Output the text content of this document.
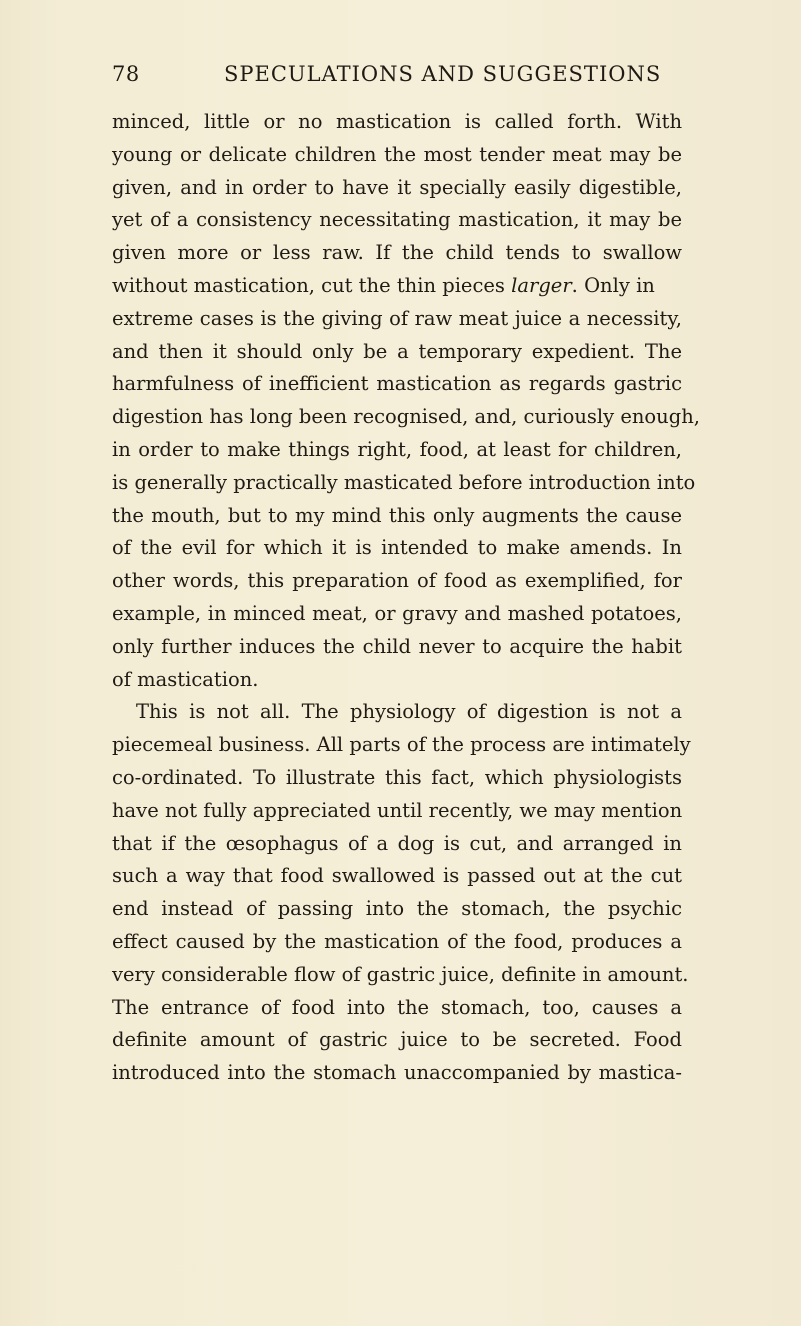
78	SPECULATIONS AND SUGGESTIONS
minced, little or no mastication is called forth. With
young or delicate children the most tender meat may be
given, and in order to have it specially easily digestible,
yet of a consistency necessitating mastication, it may be
given more or less raw. If the child tends to swallow
without mastication, cut the thin pieces larger. Only in
extreme cases is the giving of raw meat juice a necessity,
and then it should only be a temporary expedient. The
harmfulness of inefficient mastication as regards gastric
digestion has long been recognised, and, curiously enough,
in order to make things right, food, at least for children,
is generally practically masticated before introduction into
the mouth, but to my mind this only augments the cause
of the evil for which it is intended to make amends. In
other words, this preparation of food as exemplified, for
example, in minced meat, or gravy and mashed potatoes,
only further induces the child never to acquire the habit
of mastication.
This is not all. The physiology of digestion is not a
piecemeal business. All parts of the process are intimately
co-ordinated. To illustrate this fact, which physiologists
have not fully appreciated until recently, we may mention
that if the œsophagus of a dog is cut, and arranged in
such a way that food swallowed is passed out at the cut
end instead of passing into the stomach, the psychic
effect caused by the mastication of the food, produces a
very considerable flow of gastric juice, definite in amount.
The entrance of food into the stomach, too, causes a
definite amount of gastric juice to be secreted. Food
introduced into the stomach unaccompanied by mastica-
